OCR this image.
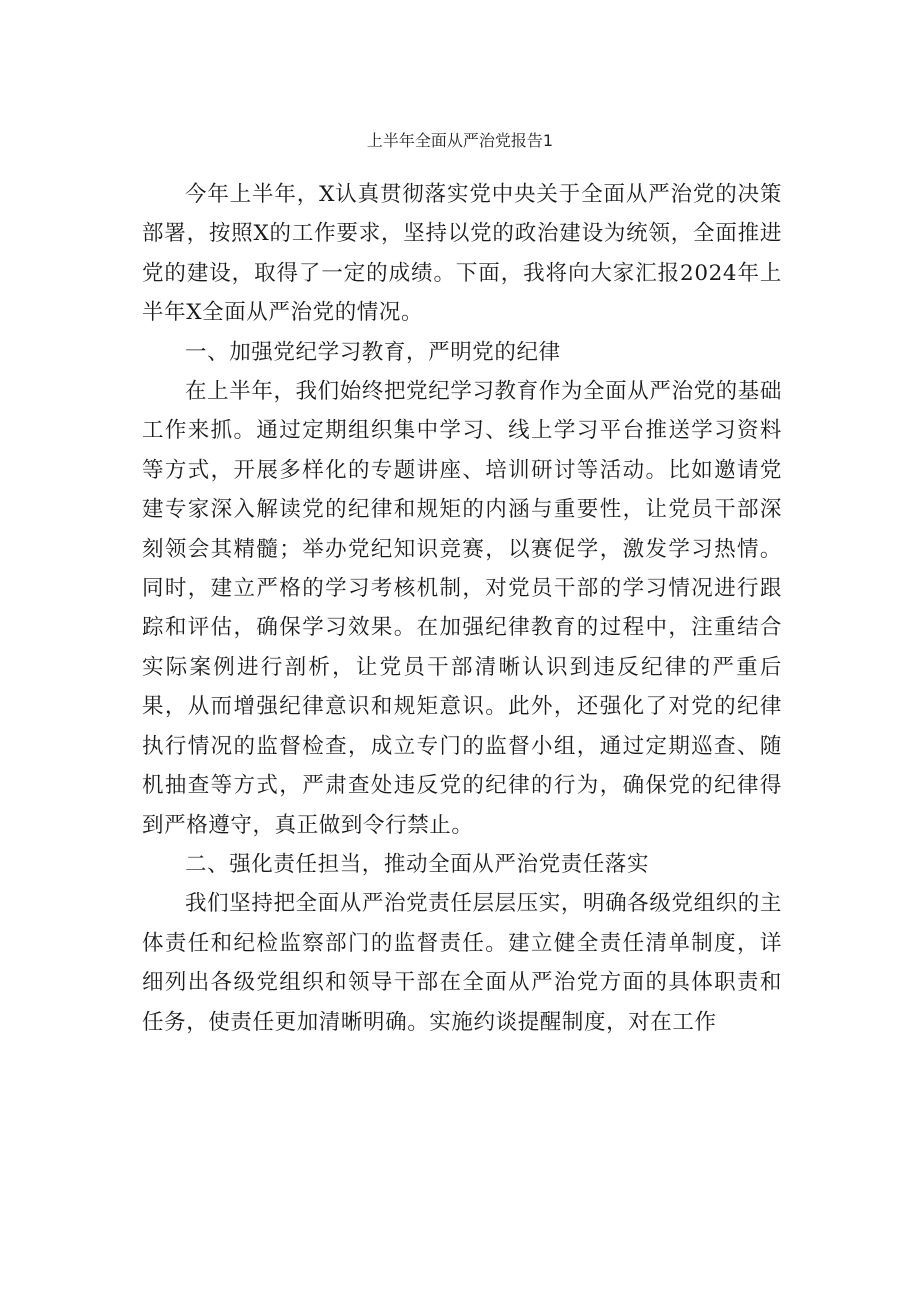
上半年全面从严治党报告1

今年上半年，X认真贯彻落实党中央关于全面从严治党的决策部署，按照X的工作要求，坚持以党的政治建设为统领，全面推进党的建设，取得了一定的成绩。下面，我将向大家汇报2024年上半年X全面从严治党的情况。

一、加强党纪学习教育，严明党的纪律

在上半年，我们始终把党纪学习教育作为全面从严治党的基础工作来抓。通过定期组织集中学习、线上学习平台推送学习资料等方式，开展多样化的专题讲座、培训研讨等活动。比如邀请党建专家深入解读党的纪律和规矩的内涵与重要性，让党员干部深刻领会其精髓；举办党纪知识竞赛，以赛促学，激发学习热情。同时，建立严格的学习考核机制，对党员干部的学习情况进行跟踪和评估，确保学习效果。在加强纪律教育的过程中，注重结合实际案例进行剖析，让党员干部清晰认识到违反纪律的严重后果，从而增强纪律意识和规矩意识。此外，还强化了对党的纪律执行情况的监督检查，成立专门的监督小组，通过定期巡查、随机抽查等方式，严肃查处违反党的纪律的行为，确保党的纪律得到严格遵守，真正做到令行禁止。

二、强化责任担当，推动全面从严治党责任落实

我们坚持把全面从严治党责任层层压实，明确各级党组织的主体责任和纪检监察部门的监督责任。建立健全责任清单制度，详细列出各级党组织和领导干部在全面从严治党方面的具体职责和任务，使责任更加清晰明确。实施约谈提醒制度，对在工作
